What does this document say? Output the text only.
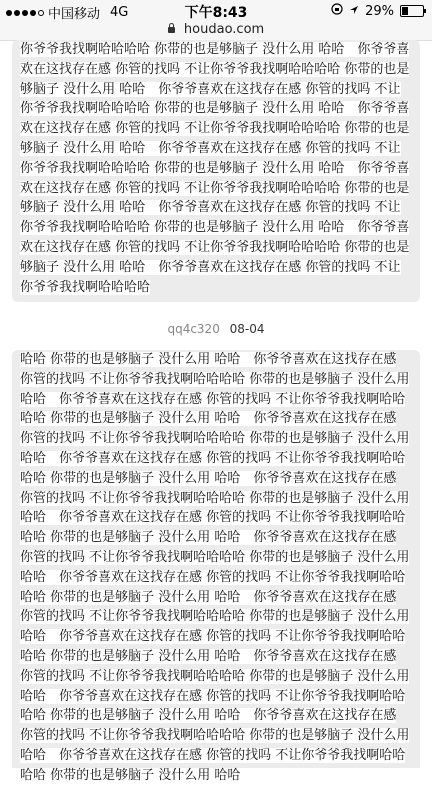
中国移动 4G	下午8:43	29%
houdao.com
你爷爷我找啊哈哈哈哈 你带的也是够脑子 没什么用 哈哈　你爷爷喜欢在这找存在感 你管的找吗 不让你爷爷我找啊哈哈哈哈 你带的也是够脑子 没什么用 哈哈　你爷爷喜欢在这找存在感 你管的找吗 不让你爷爷我找啊哈哈哈哈 你带的也是够脑子 没什么用 哈哈　你爷爷喜欢在这找存在感 你管的找吗 不让你爷爷我找啊哈哈哈哈 你带的也是够脑子 没什么用 哈哈　你爷爷喜欢在这找存在感 你管的找吗 不让你爷爷我找啊哈哈哈哈 你带的也是够脑子 没什么用 哈哈　你爷爷喜欢在这找存在感 你管的找吗 不让你爷爷我找啊哈哈哈哈 你带的也是够脑子 没什么用 哈哈　你爷爷喜欢在这找存在感 你管的找吗 不让你爷爷我找啊哈哈哈哈 你带的也是够脑子 没什么用 哈哈　你爷爷喜欢在这找存在感 你管的找吗 不让你爷爷我找啊哈哈哈哈 你带的也是够脑子 没什么用 哈哈　你爷爷喜欢在这找存在感 你管的找吗 不让你爷爷我找啊哈哈哈哈
qq4c320 08-04
哈哈 你带的也是够脑子 没什么用 哈哈　你爷爷喜欢在这找存在感 你管的找吗 不让你爷爷我找啊哈哈哈哈 你带的也是够脑子 没什么用 哈哈　你爷爷喜欢在这找存在感 你管的找吗 不让你爷爷我找啊哈哈哈哈 你带的也是够脑子 没什么用 哈哈　你爷爷喜欢在这找存在感 你管的找吗 不让你爷爷我找啊哈哈哈哈 你带的也是够脑子 没什么用 哈哈　你爷爷喜欢在这找存在感 你管的找吗 不让你爷爷我找啊哈哈哈哈 你带的也是够脑子 没什么用 哈哈　你爷爷喜欢在这找存在感 你管的找吗 不让你爷爷我找啊哈哈哈哈 你带的也是够脑子 没什么用 哈哈　你爷爷喜欢在这找存在感 你管的找吗 不让你爷爷我找啊哈哈哈哈 你带的也是够脑子 没什么用 哈哈　你爷爷喜欢在这找存在感 你管的找吗 不让你爷爷我找啊哈哈哈哈 你带的也是够脑子 没什么用 哈哈　你爷爷喜欢在这找存在感 你管的找吗 不让你爷爷我找啊哈哈哈哈 你带的也是够脑子 没什么用 哈哈　你爷爷喜欢在这找存在感 你管的找吗 不让你爷爷我找啊哈哈哈哈 你带的也是够脑子 没什么用 哈哈　你爷爷喜欢在这找存在感 你管的找吗 不让你爷爷我找啊哈哈哈哈 你带的也是够脑子 没什么用 哈哈　你爷爷喜欢在这找存在感 你管的找吗 不让你爷爷我找啊哈哈哈哈 你带的也是够脑子 没什么用 哈哈　你爷爷喜欢在这找存在感 你管的找吗 不让你爷爷我找啊哈哈哈哈 你带的也是够脑子 没什么用 哈哈　你爷爷喜欢在这找存在感 你管的找吗 不让你爷爷我找啊哈哈哈哈 你带的也是够脑子 没什么用 哈哈　你爷爷喜欢在这找存在感 你管的找吗 不让你爷爷我找啊哈哈哈哈 你带的也是够脑子 没什么用 哈哈
